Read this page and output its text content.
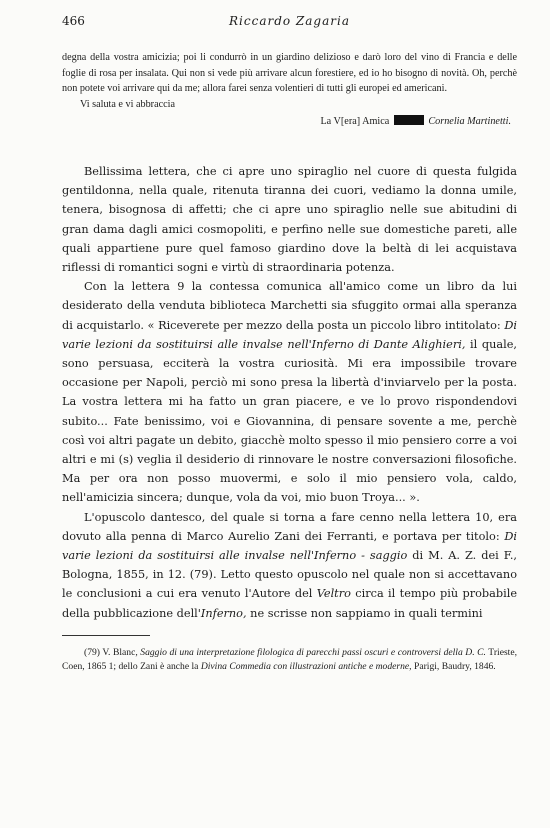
466	Riccardo Zagaria
degna della vostra amicizia; poi li condurrò in un giardino delizioso e darò loro del vino di Francia e delle foglie di rosa per insalata. Qui non si vede più arrivare alcun forestiere, ed io ho bisogno di novità. Oh, perchè non potete voi arrivare qui da me; allora farei senza volentieri di tutti gli europei ed americani.
Vi saluta e vi abbraccia
La V[era] Amica	Cornelia Martinetti.

Bellissima lettera, che ci apre uno spiraglio nel cuore di questa fulgida gentildonna, nella quale, ritenuta tiranna dei cuori, vediamo la donna umile, tenera, bisognosa di affetti; che ci apre uno spiraglio nelle sue abitudini di gran dama dagli amici cosmopoliti, e perfino nelle sue domestiche pareti, alle quali appartiene pure quel famoso giardino dove la beltà di lei acquistava riflessi di romantici sogni e virtù di straordinaria potenza.

Con la lettera 9 la contessa comunica all'amico come un libro da lui desiderato della venduta biblioteca Marchetti sia sfuggito ormai alla speranza di acquistarlo. « Riceverete per mezzo della posta un piccolo libro intitolato: Di varie lezioni da sostituirsi alle invalse nell'Inferno di Dante Alighieri, il quale, sono persuasa, ecciterà la vostra curiosità. Mi era impossibile trovare occasione per Napoli, perciò mi sono presa la libertà d'inviarvelo per la posta. La vostra lettera mi ha fatto un gran piacere, e ve lo provo rispondendovi subito... Fate benissimo, voi e Giovannina, di pensare sovente a me, perchè così voi altri pagate un debito, giacchè molto spesso il mio pensiero corre a voi altri e mi (s) veglia il desiderio di rinnovare le nostre conversazioni filosofiche. Ma per ora non posso muovermi, e solo il mio pensiero vola, caldo, nell'amicizia sincera; dunque, vola da voi, mio buon Troya... ».

L'opuscolo dantesco, del quale si torna a fare cenno nella lettera 10, era dovuto alla penna di Marco Aurelio Zani dei Ferranti, e portava per titolo: Di varie lezioni da sostituirsi alle invalse nell'Inferno - saggio di M. A. Z. dei F., Bologna, 1855, in 12. (79). Letto questo opuscolo nel quale non si accettavano le conclusioni a cui era venuto l'Autore del Veltro circa il tempo più probabile della pubblicazione dell'Inferno, ne scrisse non sappiamo in quali termini

(79) V. Blanc, Saggio di una interpretazione filologica di parecchi passi oscuri e controversi della D. C. Trieste, Coen, 1865 1; dello Zani è anche la Divina Commedia con illustrazioni antiche e moderne, Parigi, Baudry, 1846.
